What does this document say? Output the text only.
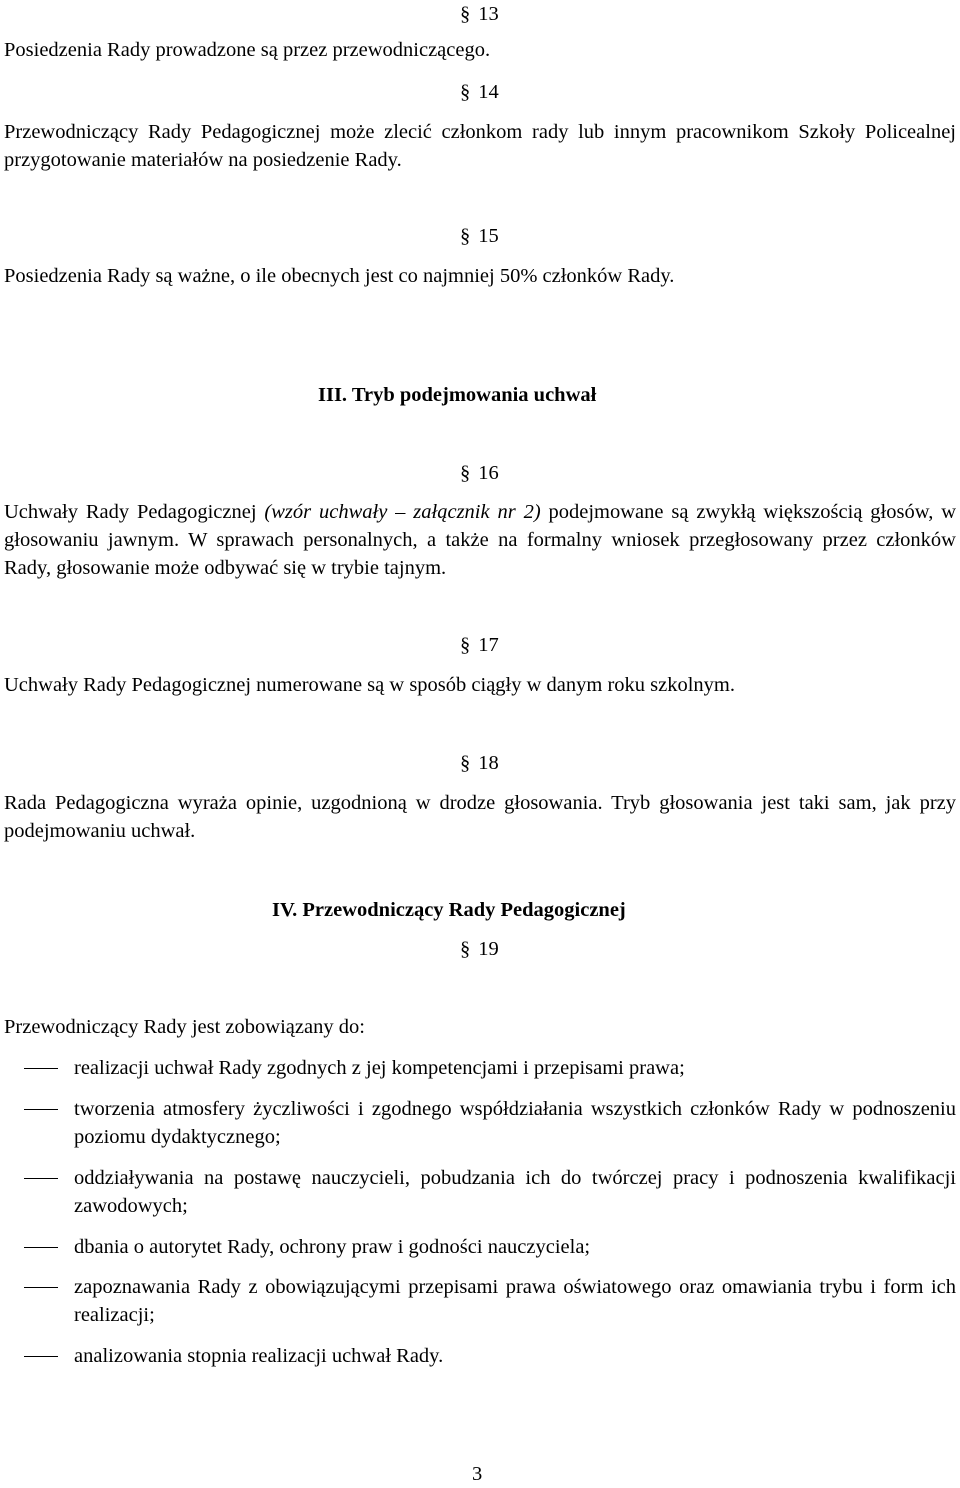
§ 13

Posiedzenia Rady prowadzone są przez przewodniczącego.

§ 14

Przewodniczący Rady Pedagogicznej może zlecić członkom rady lub innym pracownikom Szkoły Policealnej przygotowanie materiałów na posiedzenie Rady.

§ 15

Posiedzenia Rady są ważne, o ile obecnych jest co najmniej 50% członków Rady.

III. Tryb podejmowania uchwał

§ 16

Uchwały Rady Pedagogicznej (wzór uchwały – załącznik nr 2) podejmowane są zwykłą większością głosów, w głosowaniu jawnym. W sprawach personalnych, a także na formalny wniosek przegłosowany przez członków Rady, głosowanie może odbywać się w trybie tajnym.

§ 17

Uchwały Rady Pedagogicznej numerowane są w sposób ciągły w danym roku szkolnym.

§ 18

Rada Pedagogiczna wyraża opinie, uzgodnioną w drodze głosowania. Tryb głosowania jest taki sam, jak przy podejmowaniu uchwał.

IV. Przewodniczący Rady Pedagogicznej

§ 19

Przewodniczący Rady jest zobowiązany do:

realizacji uchwał Rady zgodnych z jej kompetencjami i przepisami prawa;
tworzenia atmosfery życzliwości i zgodnego współdziałania wszystkich członków Rady w podnoszeniu poziomu dydaktycznego;
oddziaływania na postawę nauczycieli, pobudzania ich do twórczej pracy i podnoszenia kwalifikacji zawodowych;
dbania o autorytet Rady, ochrony praw i godności nauczyciela;
zapoznawania Rady z obowiązującymi przepisami prawa oświatowego oraz omawiania trybu i form ich realizacji;
analizowania stopnia realizacji uchwał Rady.

3
